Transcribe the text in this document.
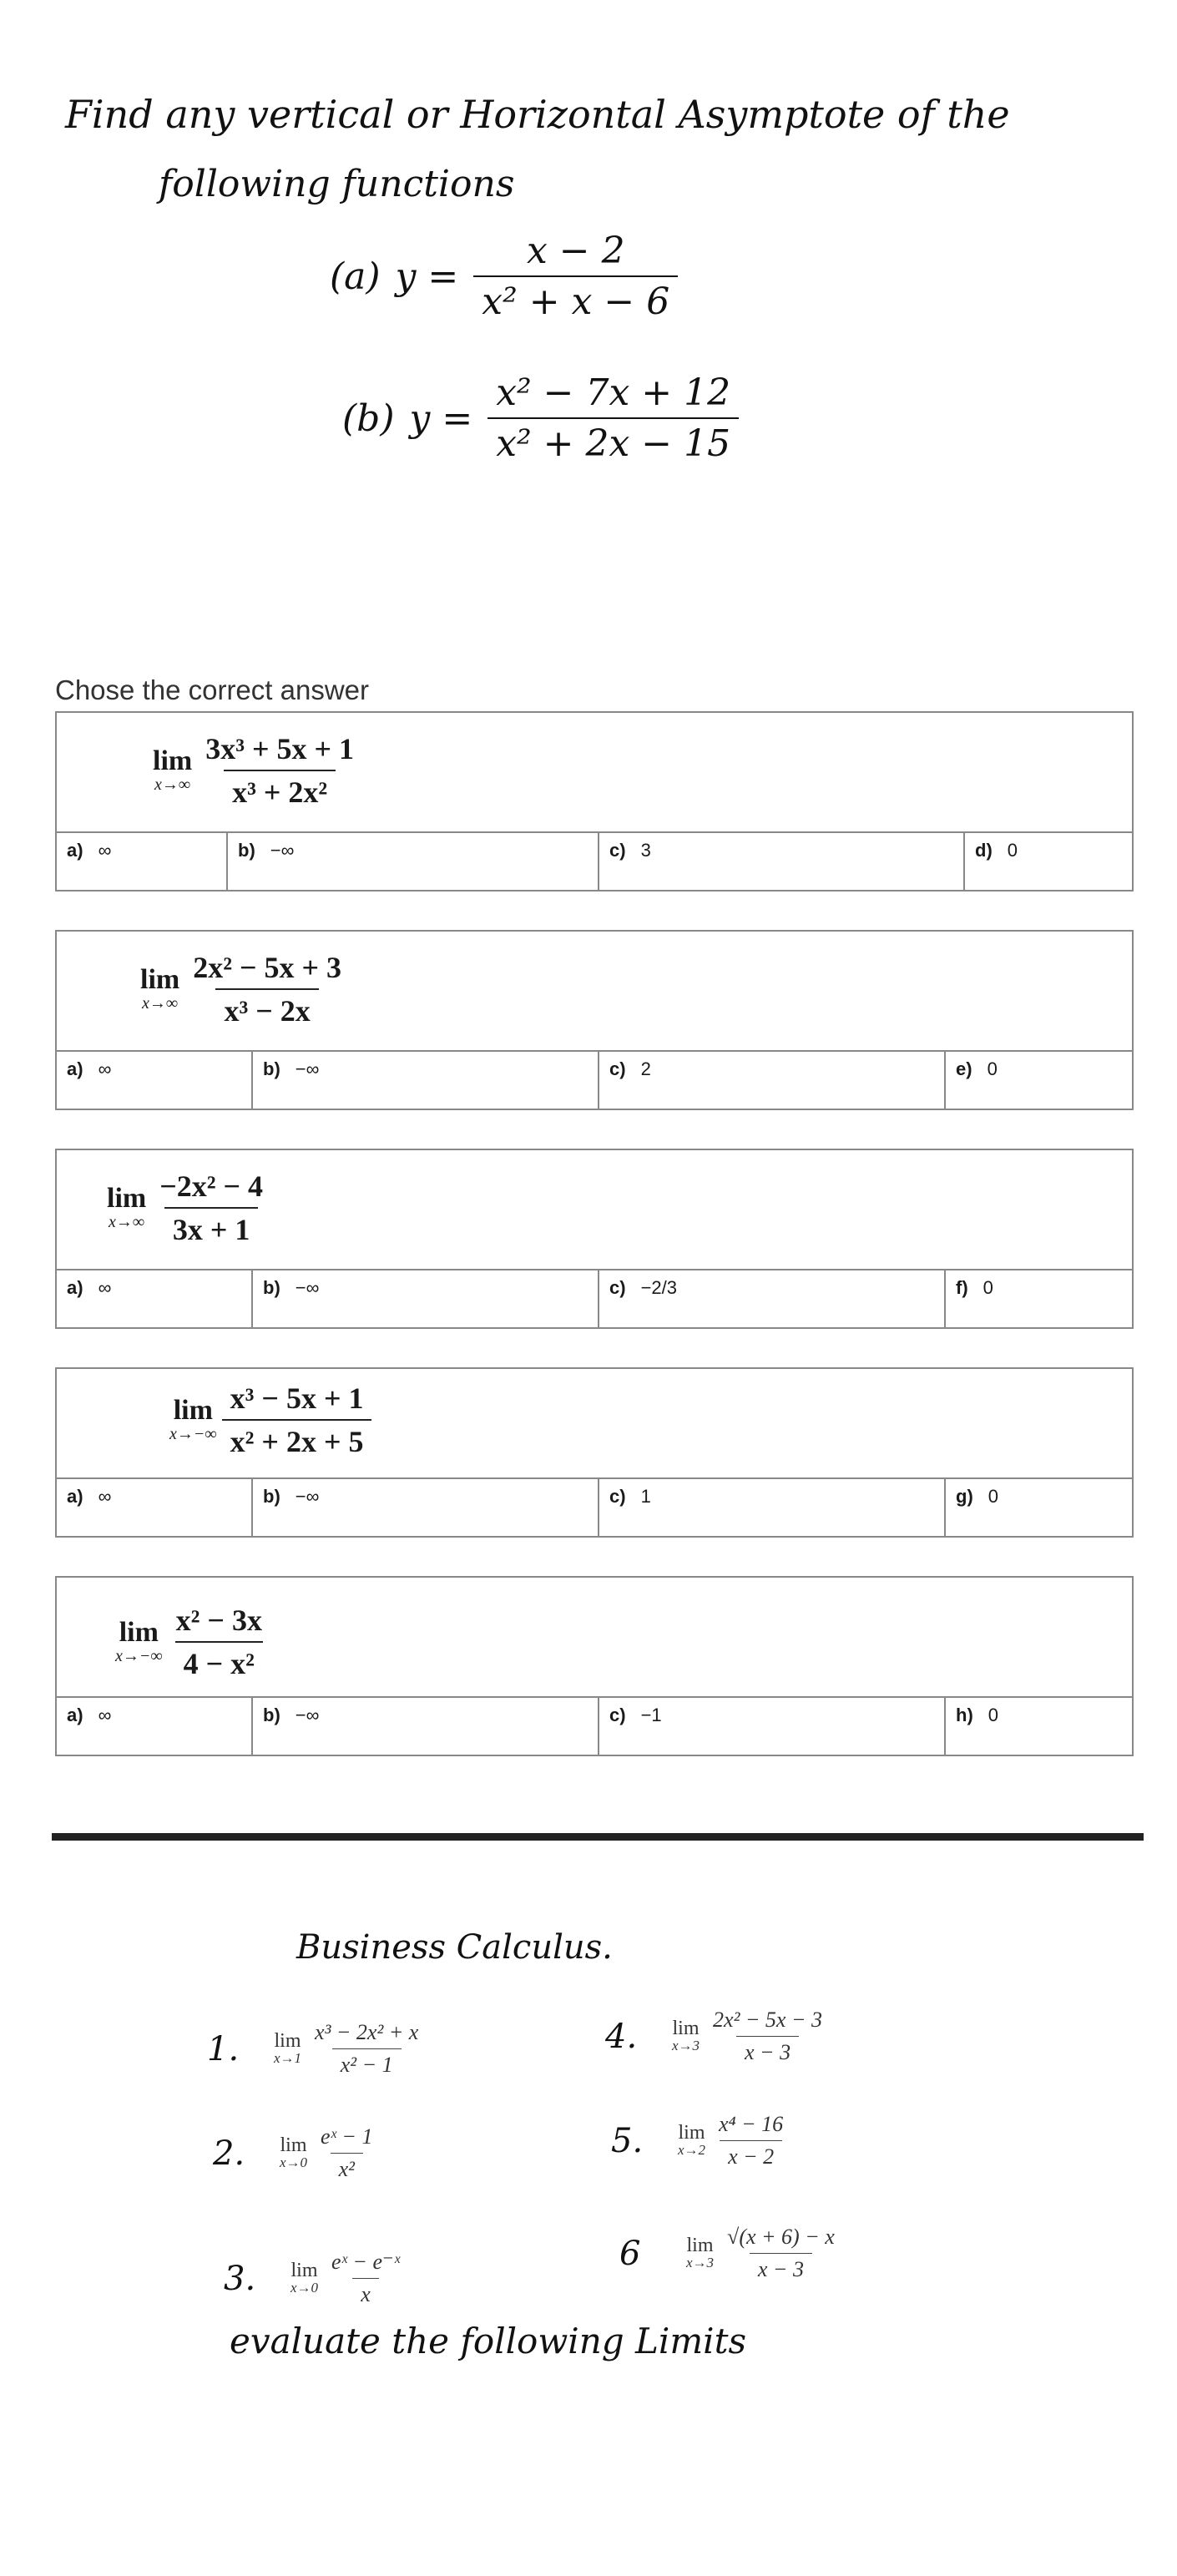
Find any vertical or Horizontal Asymptote of the
following functions
(a) $y = \frac{x - 2}{\text{x² + x − 6}}$
(b) $y = \frac{\text{x² − 7x + 12}}{\text{x² + 2x − 15}}$
Chose the correct answer
lim
$x\to\infty \frac{\text{3x³ + 5x + 1}}{\text{x³ + 2x²}}$
a) ∞	b) −∞	c) 3	d) 0
lim
$x\to\infty \frac{\text{2x² − 5x + 3}}{\text{x³ − 2x}}$
a) ∞	b) −∞	c) 2	e) 0
lim
$x\to\infty \frac{\text{−2x² − 4}}{3x + 1}$
a) ∞	b) −∞	c) −2/3	f) 0
lim
$x\to-\infty \frac{\text{x³ − 5x + 1}}{\text{x² + 2x + 5}}$
a) ∞	b) −∞	c) 1	g) 0
lim
$x\to-\infty \frac{\text{x² − 3x}}{\text{4 − x²}}$
a) ∞	b) −∞	c) −1	h) 0
Business Calculus.
1.	lim
$x\to 1 \frac{\text{x³ − 2x² + x}}{\text{x² − 1}}$
2.	lim
$x\to 0 \frac{\text{eˣ − 1}}{\text{x²}}$
3.	lim
$x\to 0 \frac{\text{eˣ − e⁻ˣ}}{x}$
4.	lim
$x\to 3 \frac{\text{2x² − 5x − 3}}{x - 3}$
5.	lim
$x\to 2 \frac{\text{x⁴ − 16}}{x - 2}$
6	lim
$x\to 3 \frac{√(x + 6) - x}{x - 3}$
evaluate the following Limits
